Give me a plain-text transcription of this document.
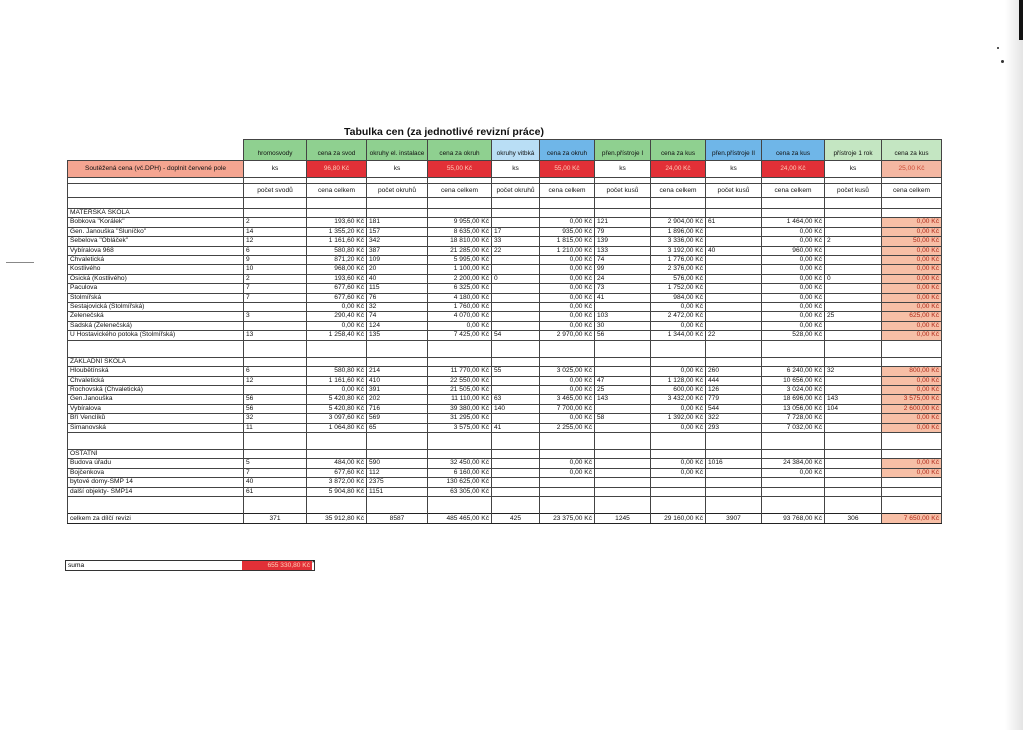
Tabulka cen (za jednotlivé revizní práce)

	hromosvody	cena za svod	okruhy el. instalace	cena za okruh	okruhy vitbká	cena za okruh	přen.přístroje I	cena za kus	přen.přístroje II	cena za kus	přístroje 1 rok	cena za kus

Soutěžená cena (vč.DPH) - doplnit červené pole	ks	96,80 Kč	ks	55,00 Kč	ks	55,00 Kč	ks	24,00 Kč	ks	24,00 Kč	ks	25,00 Kč

	počet svodů	cena celkem	počet okruhů	cena celkem	počet okruhů	cena celkem	počet kusů	cena celkem	počet kusů	cena celkem	počet kusů	cena celkem

MATEŘSKÁ ŠKOLA												
Bobkova "Korálek"	2	193,60 Kč	181	9 955,00 Kč		0,00 Kč	121	2 904,00 Kč	61	1 464,00 Kč		0,00 Kč
Gen. Janouška "Sluníčko"	14	1 355,20 Kč	157	8 635,00 Kč	17	935,00 Kč	79	1 896,00 Kč		0,00 Kč		0,00 Kč
Šebelova "Obláček"	12	1 161,60 Kč	342	18 810,00 Kč	33	1 815,00 Kč	139	3 336,00 Kč		0,00 Kč	2	50,00 Kč
Vybíralova 968	6	580,80 Kč	387	21 285,00 Kč	22	1 210,00 Kč	133	3 192,00 Kč	40	960,00 Kč		0,00 Kč
Chvaletická	9	871,20 Kč	109	5 995,00 Kč		0,00 Kč	74	1 776,00 Kč		0,00 Kč		0,00 Kč
Kostlivého	10	968,00 Kč	20	1 100,00 Kč		0,00 Kč	99	2 376,00 Kč		0,00 Kč		0,00 Kč
Osická (Kostlivého)	2	193,60 Kč	40	2 200,00 Kč	0	0,00 Kč	24	576,00 Kč		0,00 Kč	0	0,00 Kč
Paculova	7	677,60 Kč	115	6 325,00 Kč		0,00 Kč	73	1 752,00 Kč		0,00 Kč		0,00 Kč
Štolmířská	7	677,60 Kč	76	4 180,00 Kč		0,00 Kč	41	984,00 Kč		0,00 Kč		0,00 Kč
Šestajovická (Štolmířská)		0,00 Kč	32	1 760,00 Kč		0,00 Kč		0,00 Kč		0,00 Kč		0,00 Kč
Zelenečská	3	290,40 Kč	74	4 070,00 Kč		0,00 Kč	103	2 472,00 Kč		0,00 Kč	25	625,00 Kč
Sadská (Zelenečská)		0,00 Kč	124	0,00 Kč		0,00 Kč	30	0,00 Kč		0,00 Kč		0,00 Kč
U Hostavického potoka (Štolmířská)	13	1 258,40 Kč	135	7 425,00 Kč	54	2 970,00 Kč	56	1 344,00 Kč	22	528,00 Kč		0,00 Kč

ZÁKLADNÍ ŠKOLA												
Hloubětínská	6	580,80 Kč	214	11 770,00 Kč	55	3 025,00 Kč		0,00 Kč	260	6 240,00 Kč	32	800,00 Kč
Chvaletická	12	1 161,60 Kč	410	22 550,00 Kč		0,00 Kč	47	1 128,00 Kč	444	10 656,00 Kč		0,00 Kč
Rochovská (Chvaletická)		0,00 Kč	391	21 505,00 Kč		0,00 Kč	25	600,00 Kč	126	3 024,00 Kč		0,00 Kč
Gen.Janouška	56	5 420,80 Kč	202	11 110,00 Kč	63	3 465,00 Kč	143	3 432,00 Kč	779	18 696,00 Kč	143	3 575,00 Kč
Vybíralova	56	5 420,80 Kč	716	39 380,00 Kč	140	7 700,00 Kč		0,00 Kč	544	13 056,00 Kč	104	2 600,00 Kč
Bří Venclíků	32	3 097,60 Kč	569	31 295,00 Kč		0,00 Kč	58	1 392,00 Kč	322	7 728,00 Kč		0,00 Kč
Šimanovská	11	1 064,80 Kč	65	3 575,00 Kč	41	2 255,00 Kč		0,00 Kč	293	7 032,00 Kč		0,00 Kč

OSTATNÍ												
Budova úřadu	5	484,00 Kč	590	32 450,00 Kč		0,00 Kč		0,00 Kč	1016	24 384,00 Kč		0,00 Kč
Bojčenkova	7	677,60 Kč	112	6 160,00 Kč		0,00 Kč		0,00 Kč		0,00 Kč		0,00 Kč
bytové domy-SMP 14	40	3 872,00 Kč	2375	130 625,00 Kč								
další objekty- SMP14	61	5 904,80 Kč	1151	63 305,00 Kč								

celkem za dílčí revizi	371	35 912,80 Kč	8587	485 465,00 Kč	425	23 375,00 Kč	1245	29 160,00 Kč	3907	93 768,00 Kč	306	7 650,00 Kč
suma	655 330,80 Kč *
